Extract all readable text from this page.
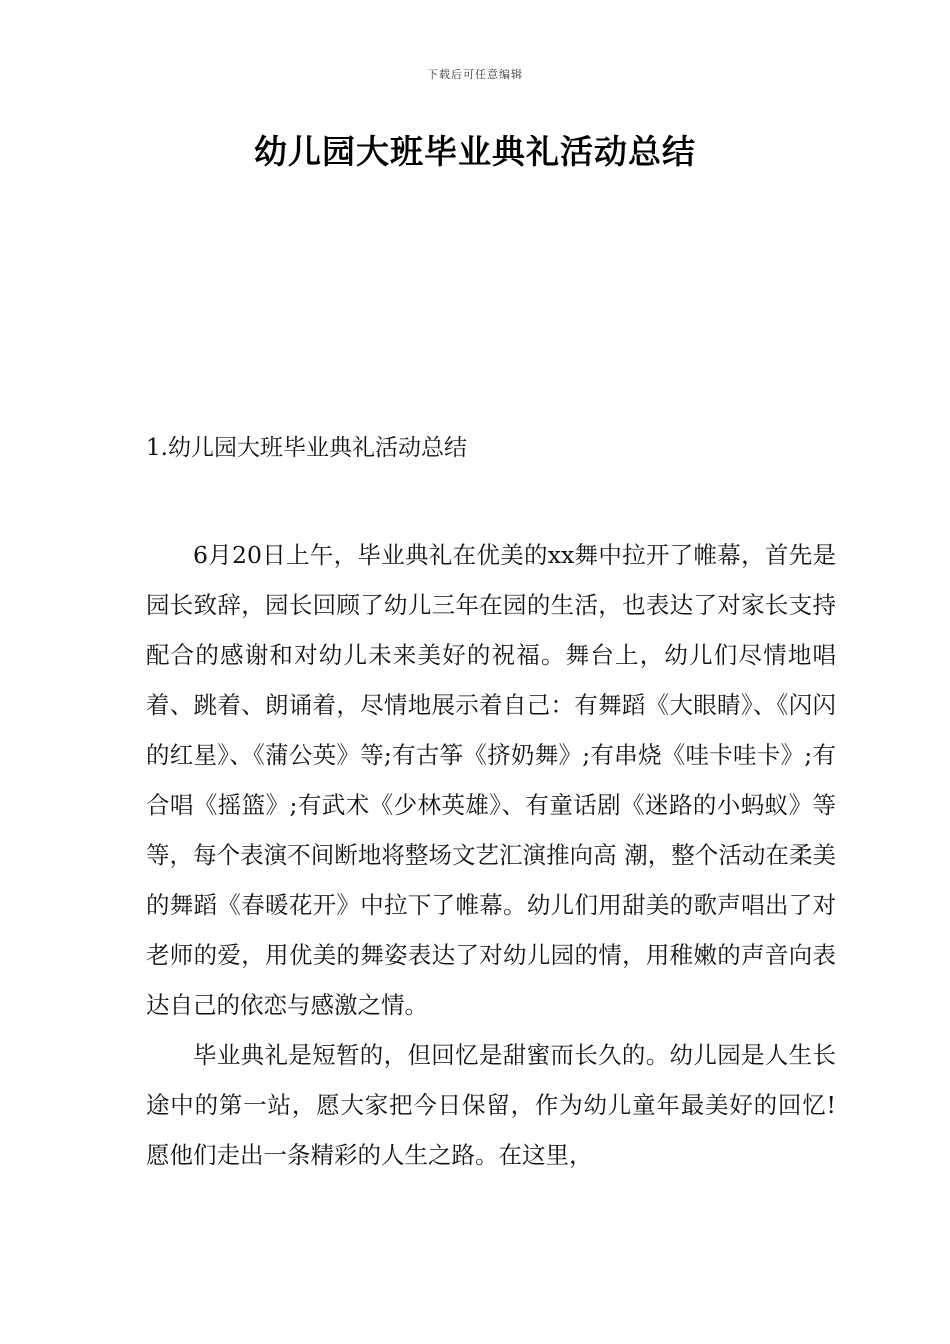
下载后可任意编辑
幼儿园大班毕业典礼活动总结
1.幼儿园大班毕业典礼活动总结

6月20日上午，毕业典礼在优美的xx舞中拉开了帷幕，首先是园长致辞，园长回顾了幼儿三年在园的生活，也表达了对家长支持配合的感谢和对幼儿未来美好的祝福。舞台上，幼儿们尽情地唱着、跳着、朗诵着，尽情地展示着自己：有舞蹈《大眼睛》、《闪闪的红星》、《蒲公英》等;有古筝《挤奶舞》;有串烧《哇卡哇卡》;有合唱《摇篮》;有武术《少林英雄》、有童话剧《迷路的小蚂蚁》等等，每个表演不间断地将整场文艺汇演推向高 潮，整个活动在柔美的舞蹈《春暖花开》中拉下了帷幕。幼儿们用甜美的歌声唱出了对老师的爱，用优美的舞姿表达了对幼儿园的情，用稚嫩的声音向表达自己的依恋与感激之情。

毕业典礼是短暂的，但回忆是甜蜜而长久的。幼儿园是人生长途中的第一站，愿大家把今日保留，作为幼儿童年最美好的回忆!愿他们走出一条精彩的人生之路。在这里，
